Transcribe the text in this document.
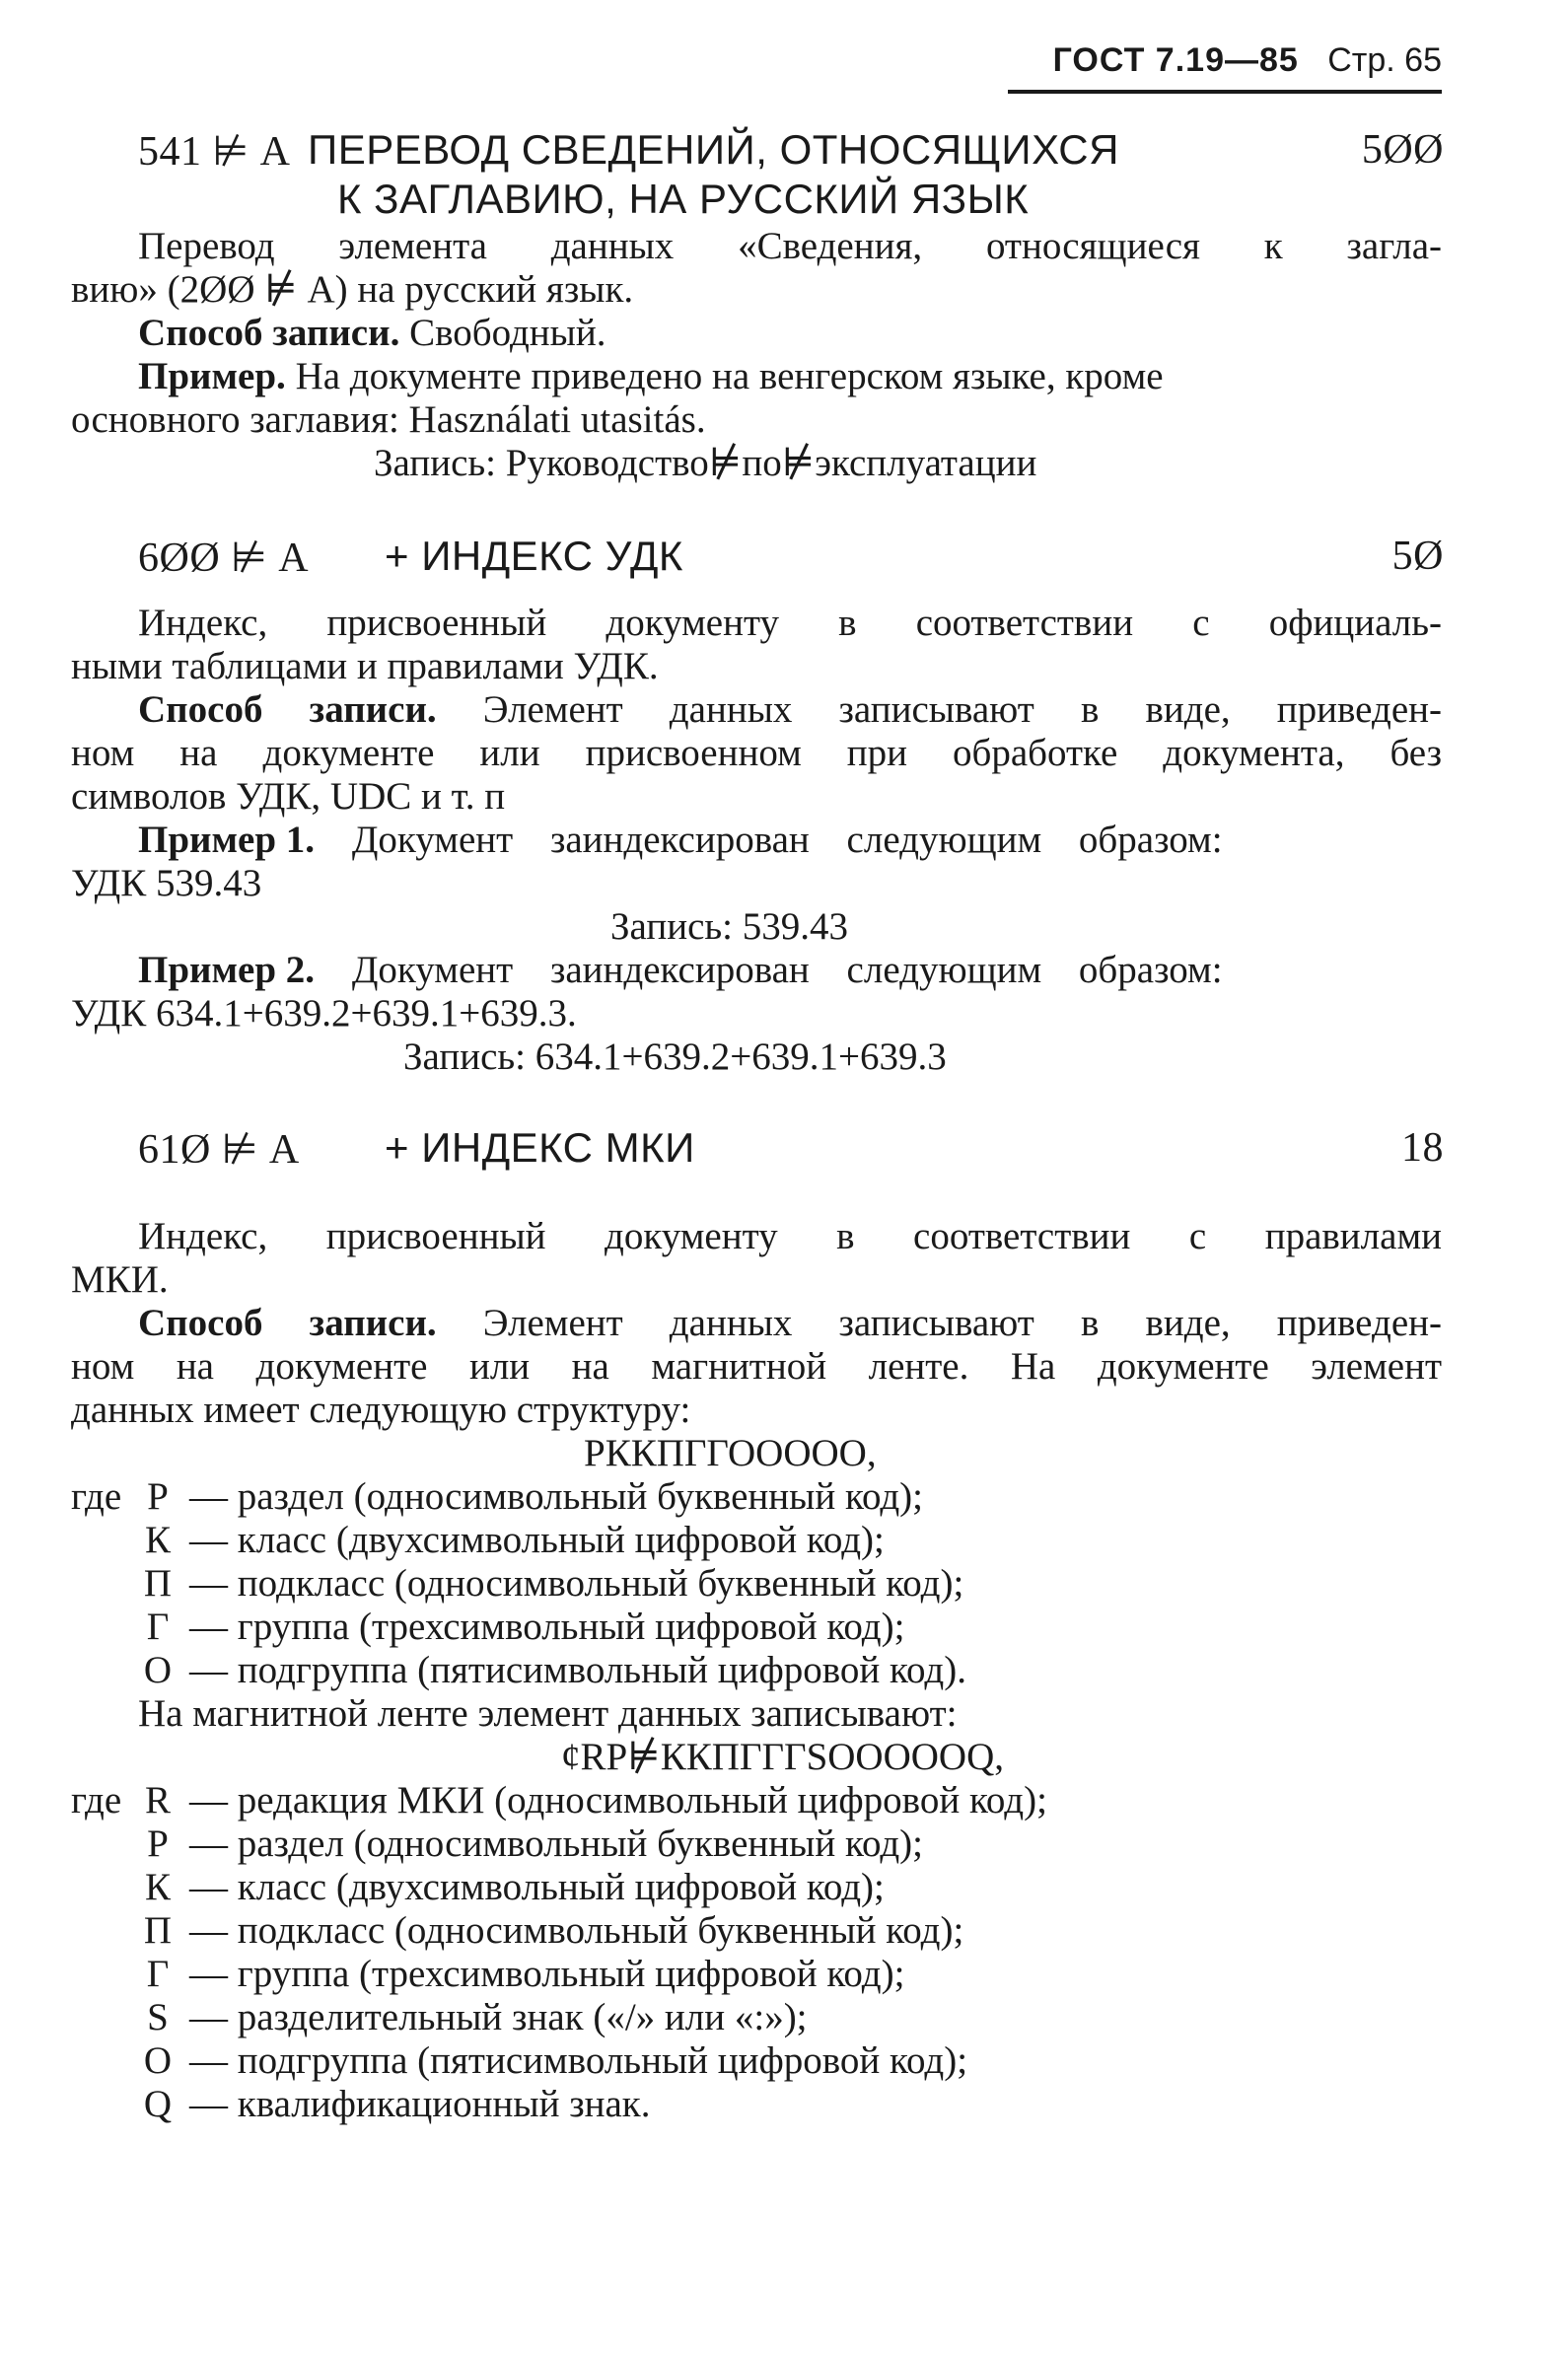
ГОСТ 7.19—85 Стр. 65
541 ⊭ А ПЕРЕВОД СВЕДЕНИЙ, ОТНОСЯЩИХСЯ	5ØØ
К ЗАГЛАВИЮ, НА РУССКИЙ ЯЗЫК
Перевод элемента данных «Сведения, относящиеся к загла-
вию» (2ØØ ⊭ А) на русский язык.
Способ записи. Свободный.
Пример. На документе приведено на венгерском языке, кроме
основного заглавия: Használati utasitás.
Запись: Руководство⊭по⊭эксплуатации
6ØØ ⊭ А + ИНДЕКС УДК	5Ø
Индекс, присвоенный документу в соответствии с официаль-
ными таблицами и правилами УДК.
Способ записи. Элемент данных записывают в виде, приведен-
ном на документе или присвоенном при обработке документа, без
символов УДК, UDC и т. п
Пример 1. Документ заиндексирован следующим образом:
УДК 539.43
Запись: 539.43
Пример 2. Документ заиндексирован следующим образом:
УДК 634.1+639.2+639.1+639.3.
Запись: 634.1+639.2+639.1+639.3
61Ø ⊭ А + ИНДЕКС МКИ	18
Индекс, присвоенный документу в соответствии с правилами
МКИ.
Способ записи. Элемент данных записывают в виде, приведен-
ном на документе или на магнитной ленте. На документе элемент
данных имеет следующую структуру:
РККПГГООООО,
где Р — раздел (односимвольный буквенный код);
К — класс (двухсимвольный цифровой код);
П — подкласс (односимвольный буквенный код);
Г — группа (трехсимвольный цифровой код);
О — подгруппа (пятисимвольный цифровой код).
На магнитной ленте элемент данных записывают:
ȼRP⊭ККПГГГSOOOOOQ,
где R — редакция МКИ (односимвольный цифровой код);
Р — раздел (односимвольный буквенный код);
К — класс (двухсимвольный цифровой код);
П — подкласс (односимвольный буквенный код);
Г — группа (трехсимвольный цифровой код);
S — разделительный знак («/» или «:»);
О — подгруппа (пятисимвольный цифровой код);
Q — квалификационный знак.
